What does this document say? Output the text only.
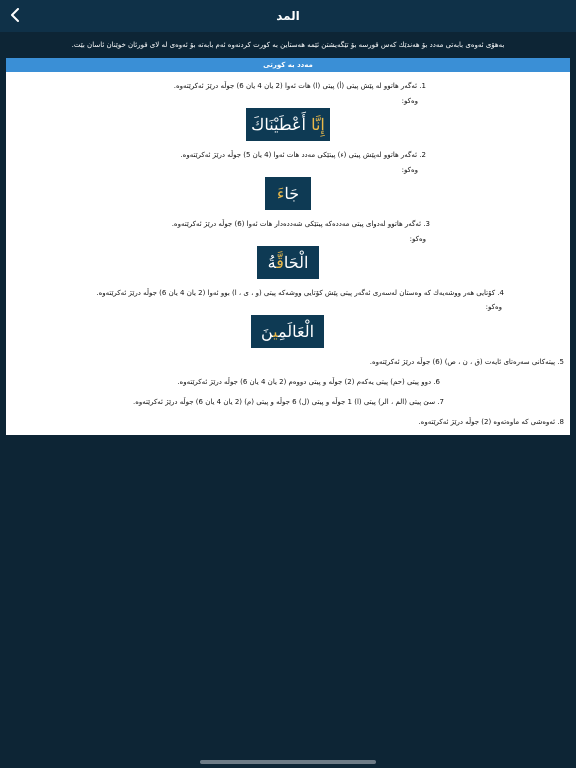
المد
بەهۆی ئەوەی بابەتی مەدد بۆ هەندێك كەس قورسە بۆ تێگەیشتن ئێمە هەستاین بە كورت كردنەوە ئەم بابەتە بۆ ئەوەی لە لای قورئان خوێنان ئاسان بێت.
مەدد بە كورتی
1. ئەگەر هاتوو لە پێش پیتی (أ) پیتی (ا) هات ئەوا (2 یان 4 یان 6) جوڵە درێژ ئەكرێتەوە.
وەكو:
إِنَّا أَعْطَيْنَاكَ
2. ئەگەر هاتوو لەپێش پیتی (ء) پیتێكی مەدد هات ئەوا (4 یان 5) جوڵە درێژ ئەكرێتەوە.
وەكو:
جَاءَ
3. ئەگەر هاتوو لەدوای پیتی مەددەكە پیتێكی شەددەدار هات ئەوا (6) جوڵە درێژ ئەكرێتەوە.
وەكو:
الْحَاقَّةُ
4. كۆتایی هەر ووشەیەك كە وەستان لەسەری ئەگەر پیتی پێش كۆتایی ووشەكە پیتی (و ، ی ، ا) بوو ئەوا (2 یان 4 یان 6) جوڵە درێژ ئەكرێتەوە.
وەكو:
الْعَالَمِينَ
5. پیتەكانی سەرەتای ئایەت (ق ، ن ، ص) (6) جوڵە درێژ ئەكرێتەوە.
6. دوو پیتی (حم) پیتی یەكەم (2) جوڵە و پیتی دووەم (2 یان 4 یان 6) جوڵە درێژ ئەكرێتەوە.
7. سێ پیتی (الم ، الر) پیتی (ا) 1 جوڵە و پیتی (ل) 6 جوڵە و پیتی (م) (2 یان 4 یان 6) جوڵە درێژ ئەكرێتەوە.
8. ئەوەشی كە ماوەتەوە (2) جوڵە درێژ ئەكرێتەوە.
